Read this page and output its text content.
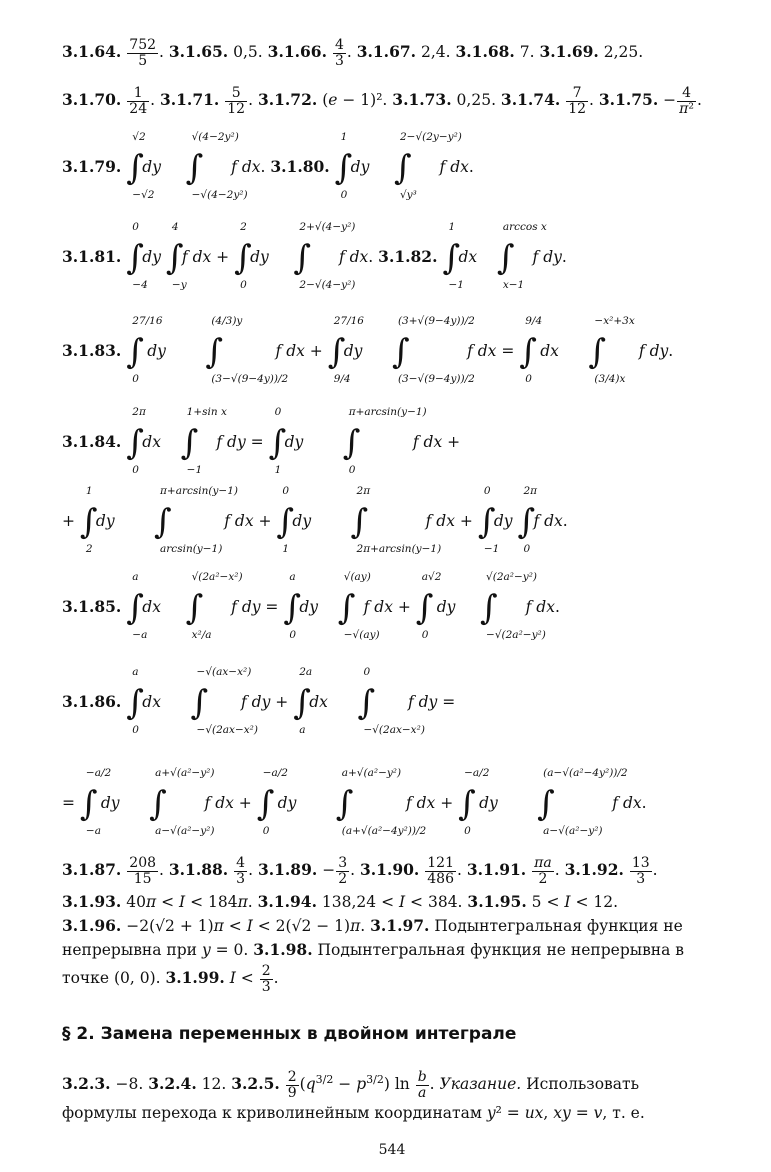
3.1.64. $\frac{752}{5}$ . 3.1.65. 0,5. 3.1.66. $\frac{4}{3}$ . 3.1.67. 2,4. 3.1.68. 7. 3.1.69. 2,25.
3.1.70. $\frac{1}{24}$ . 3.1.71. $\frac{5}{12}$ . 3.1.72. (e − 1)². 3.1.73. 0,25. 3.1.74. $\frac{7}{12}$ . 3.1.75. − $\frac{4}{\text{π²}}$ .
3.1.79.
√2
∫
−√2
dy
√(4−2y²)
∫
−√(4−2y²)
f dx. 3.1.80.
1
∫
0
dy
2−√(2y−y²)
∫
√y³
f dx.
3.1.81.
0
∫
−4
dy
4
∫
−y
f dx +
2
∫
0
dy
2+√(4−y²)
∫
2−√(4−y²)
f dx. 3.1.82.
1
∫
−1
dx
arccos x
∫
x−1
f dy.
3.1.83.
27/16
∫
0
dy
(4/3)y
∫
(3−√(9−4y))/2
f dx +
27/16
∫
9/4
dy
(3+√(9−4y))/2
∫
(3−√(9−4y))/2
f dx =
9/4
∫
0
dx
−x²+3x
∫
(3/4)x
f dy.
3.1.84.
2π
∫
0
dx
1+sin x
∫
−1
f dy =
0
∫
1
dy
π+arcsin(y−1)
∫
0
f dx +
+
1
∫
2
dy
π+arcsin(y−1)
∫
arcsin(y−1)
f dx +
0
∫
1
dy
2π
∫
2π+arcsin(y−1)
f dx +
0
∫
−1
dy
2π
∫
0
f dx.
3.1.85.
a
∫
−a
dx
√(2a²−x²)
∫
x²/a
f dy =
a
∫
0
dy
√(ay)
∫
−√(ay)
f dx +
a√2
∫
0
dy
√(2a²−y²)
∫
−√(2a²−y²)
f dx.
3.1.86.
a
∫
0
dx
−√(ax−x²)
∫
−√(2ax−x²)
f dy +
2a
∫
a
dx
0
∫
−√(2ax−x²)
f dy =
=
−a/2
∫
−a
dy
a+√(a²−y²)
∫
a−√(a²−y²)
f dx +
−a/2
∫
0
dy
a+√(a²−y²)
∫
(a+√(a²−4y²))/2
f dx +
−a/2
∫
0
dy
(a−√(a²−4y²))/2
∫
a−√(a²−y²)
f dx.
3.1.87. $\frac{208}{15}$ . 3.1.88. $\frac{4}{3}$ . 3.1.89. − $\frac{3}{2}$ . 3.1.90. $\frac{121}{486}$ . 3.1.91. $\frac{\pi a}{2}$ . 3.1.92. $\frac{13}{3}$ .
3.1.93. 40π < I < 184π. 3.1.94. 138,24 < I < 384. 3.1.95. 5 < I < 12.
3.1.96. −2(√2 + 1)π < I < 2(√2 − 1)π. 3.1.97. Подынтегральная функция не
непрерывна при y = 0. 3.1.98. Подынтегральная функция не непрерывна в
точке (0, 0). 3.1.99. $I < \frac{2}{3}$ .
§ 2. Замена переменных в двойном интеграле
3.2.3. −8. 3.2.4. 12. 3.2.5. $\frac{2}{9} (q^{3/2} - p^{3/2})$ $\ln \frac{b}{a}$ . Указание. Использовать
формулы перехода к криволинейным координатам y² = ux, xy = v, т. е.
544
